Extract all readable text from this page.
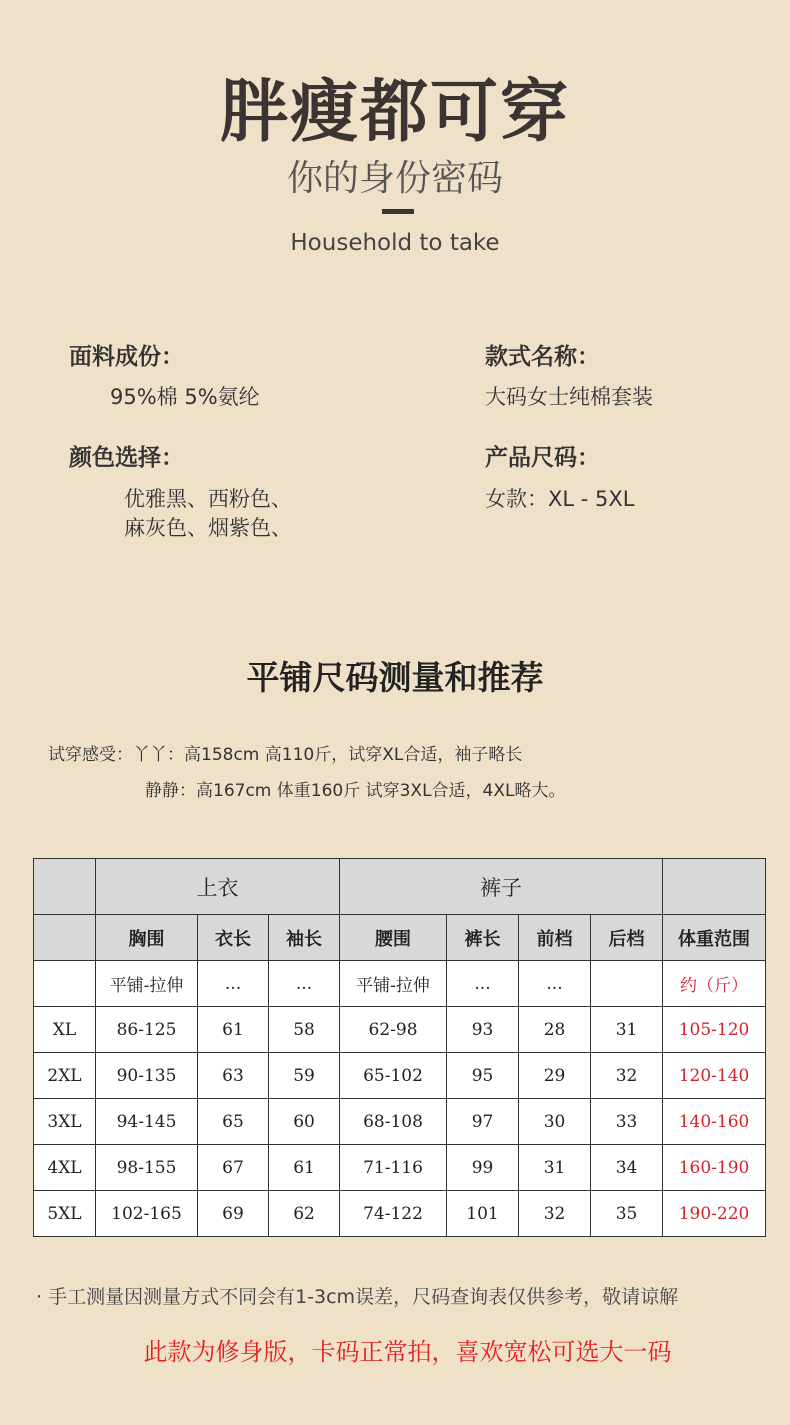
胖瘦都可穿
你的身份密码
Household to take
面料成份：
95%棉 5%氨纶
款式名称：
大码女士纯棉套装
颜色选择：
优雅黑、西粉色、
麻灰色、烟紫色、
产品尺码：
女款：XL - 5XL
平铺尺码测量和推荐
试穿感受：丫丫：高158cm 高110斤，试穿XL合适，袖子略长
静静：高167cm 体重160斤 试穿3XL合适，4XL略大。
	上衣			裤子				
	胸围	衣长	袖长	腰围	裤长	前档	后档	体重范围
	平铺-拉伸	...	...	平铺-拉伸	...	...		约（斤）
XL	86-125	61	58	62-98	93	28	31	105-120
2XL	90-135	63	59	65-102	95	29	32	120-140
3XL	94-145	65	60	68-108	97	30	33	140-160
4XL	98-155	67	61	71-116	99	31	34	160-190
5XL	102-165	69	62	74-122	101	32	35	190-220
· 手工测量因测量方式不同会有1-3cm误差，尺码查询表仅供参考，敬请谅解
此款为修身版，卡码正常拍，喜欢宽松可选大一码
